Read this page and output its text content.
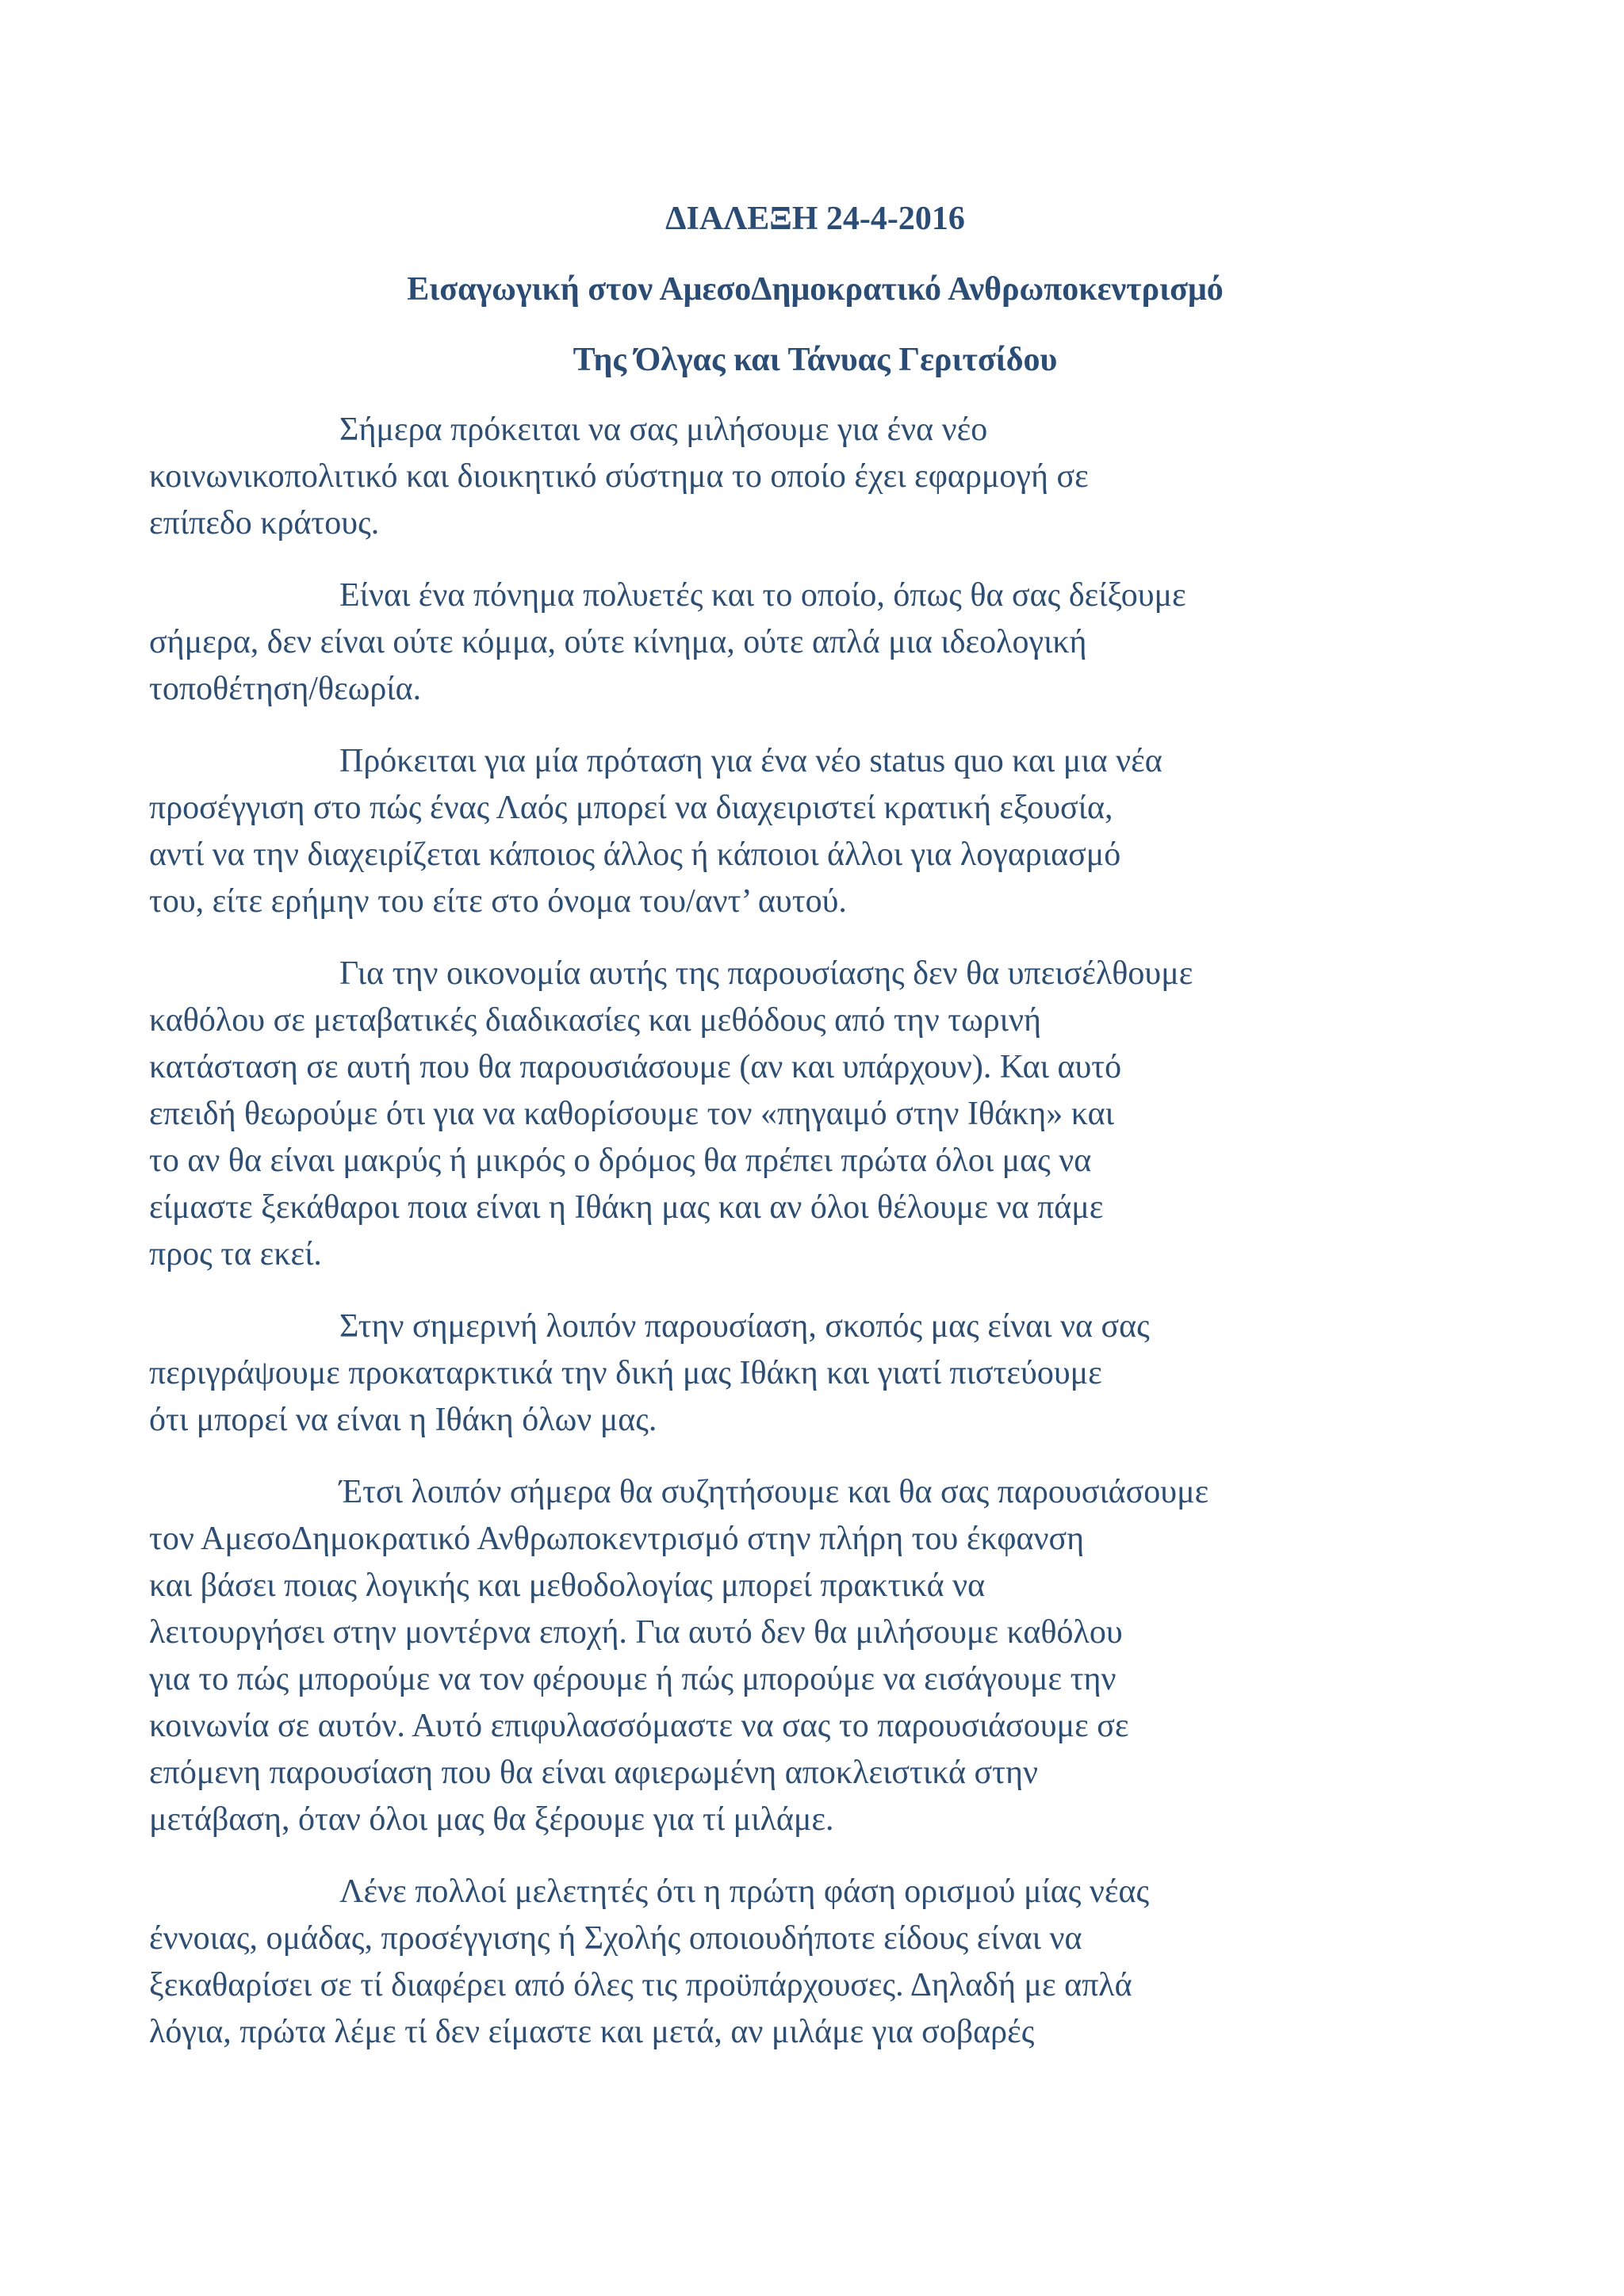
ΔΙΑΛΕΞΗ 24-4-2016
Εισαγωγική στον ΑμεσοΔημοκρατικό Ανθρωποκεντρισμό
Της Όλγας και Τάνυας Γεριτσίδου
Σήμερα πρόκειται να σας μιλήσουμε για ένα νέο
κοινωνικοπολιτικό και διοικητικό σύστημα το οποίο έχει εφαρμογή σε
επίπεδο κράτους.
Είναι ένα πόνημα πολυετές και το οποίο, όπως θα σας δείξουμε
σήμερα, δεν είναι ούτε κόμμα, ούτε κίνημα, ούτε απλά μια ιδεολογική
τοποθέτηση/θεωρία.
Πρόκειται για μία πρόταση για ένα νέο status quo και μια νέα
προσέγγιση στο πώς ένας Λαός μπορεί να διαχειριστεί κρατική εξουσία,
αντί να την διαχειρίζεται κάποιος άλλος ή κάποιοι άλλοι για λογαριασμό
του, είτε ερήμην του είτε στο όνομα του/αντ’ αυτού.
Για την οικονομία αυτής της παρουσίασης δεν θα υπεισέλθουμε
καθόλου σε μεταβατικές διαδικασίες και μεθόδους από την τωρινή
κατάσταση σε αυτή που θα παρουσιάσουμε (αν και υπάρχουν). Και αυτό
επειδή θεωρούμε ότι για να καθορίσουμε τον «πηγαιμό στην Ιθάκη» και
το αν θα είναι μακρύς ή μικρός ο δρόμος θα πρέπει πρώτα όλοι μας να
είμαστε ξεκάθαροι ποια είναι η Ιθάκη μας και αν όλοι θέλουμε να πάμε
προς τα εκεί.
Στην σημερινή λοιπόν παρουσίαση, σκοπός μας είναι να σας
περιγράψουμε προκαταρκτικά την δική μας Ιθάκη και γιατί πιστεύουμε
ότι μπορεί να είναι η Ιθάκη όλων μας.
Έτσι λοιπόν σήμερα θα συζητήσουμε και θα σας παρουσιάσουμε
τον ΑμεσοΔημοκρατικό Ανθρωποκεντρισμό στην πλήρη του έκφανση
και βάσει ποιας λογικής και μεθοδολογίας μπορεί πρακτικά να
λειτουργήσει στην μοντέρνα εποχή. Για αυτό δεν θα μιλήσουμε καθόλου
για το πώς μπορούμε να τον φέρουμε ή πώς μπορούμε να εισάγουμε την
κοινωνία σε αυτόν. Αυτό επιφυλασσόμαστε να σας το παρουσιάσουμε σε
επόμενη παρουσίαση που θα είναι αφιερωμένη αποκλειστικά στην
μετάβαση, όταν όλοι μας θα ξέρουμε για τί μιλάμε.
Λένε πολλοί μελετητές ότι η πρώτη φάση ορισμού μίας νέας
έννοιας, ομάδας, προσέγγισης ή Σχολής οποιουδήποτε είδους είναι να
ξεκαθαρίσει σε τί διαφέρει από όλες τις προϋπάρχουσες. Δηλαδή με απλά
λόγια, πρώτα λέμε τί δεν είμαστε και μετά, αν μιλάμε για σοβαρές
